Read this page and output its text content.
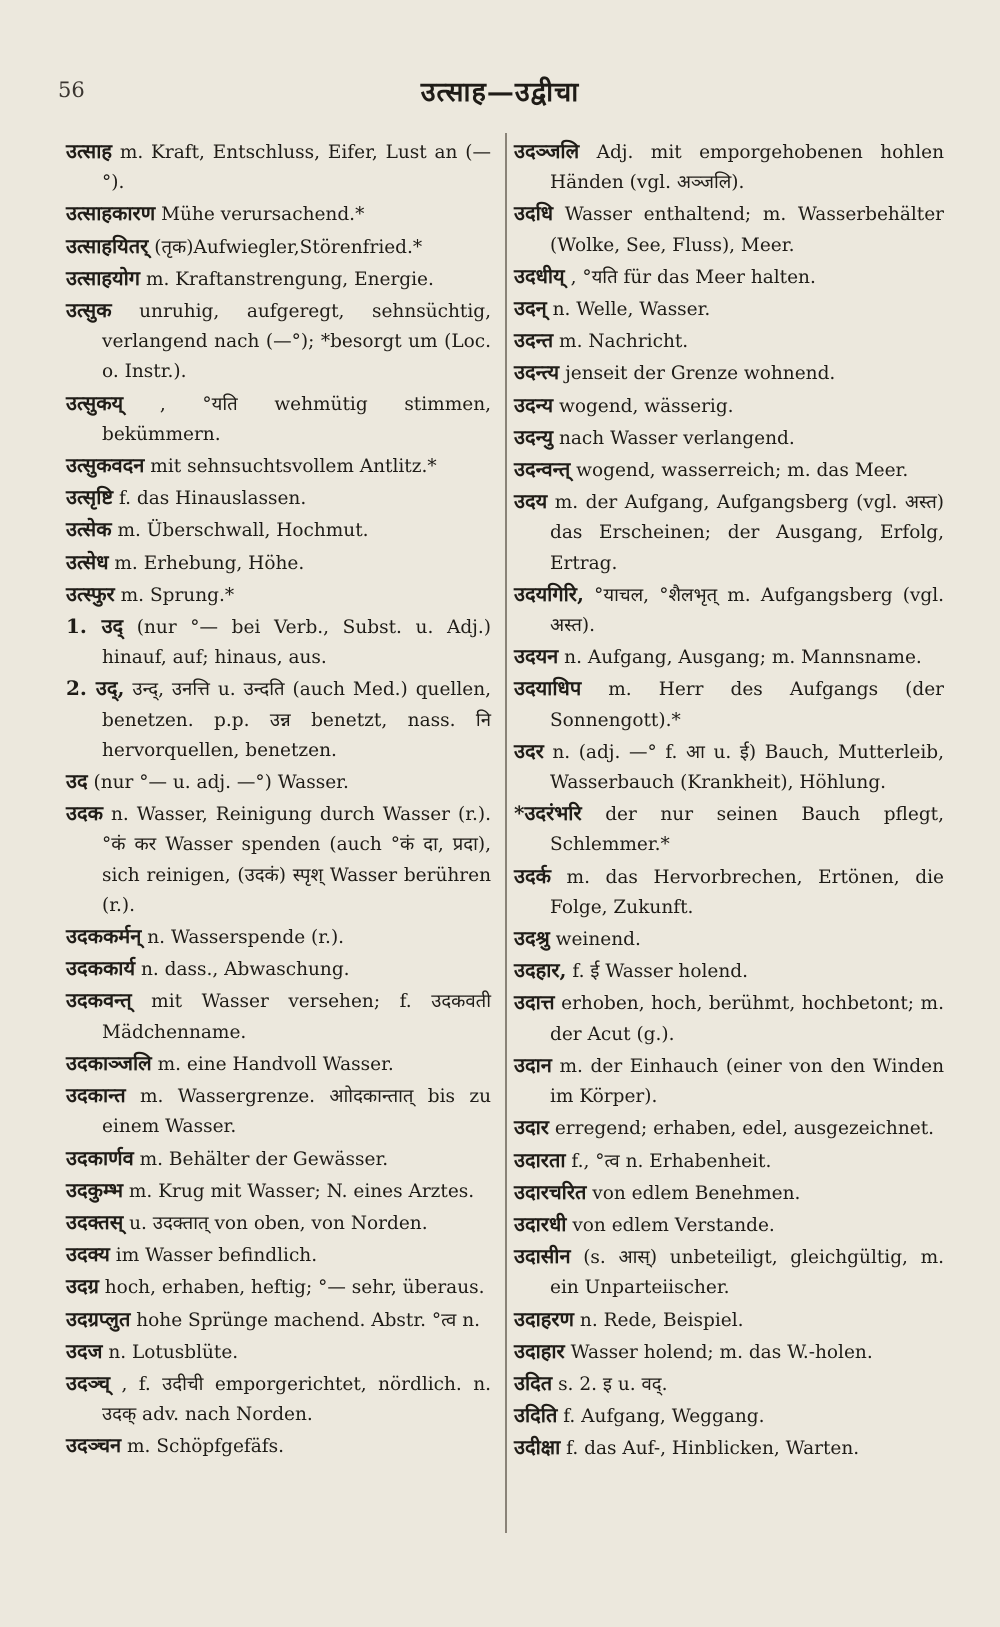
56	उत्साह—उद्वीचा

उत्साह m. Kraft, Entschluss, Eifer, Lust an (—°).

उत्साहकारण Mühe verursachend.*

उत्साहयितर् (तृक)Aufwiegler,Störenfried.*

उत्साहयोग m. Kraftanstrengung, Energie.

उत्सुक unruhig, aufgeregt, sehnsüchtig, verlangend nach (—°); *besorgt um (Loc. o. Instr.).

उत्सुकय् , °यति wehmütig stimmen, bekümmern.

उत्सुकवदन mit sehnsuchtsvollem Antlitz.*

उत्सृष्टि f. das Hinauslassen.

उत्सेक m. Überschwall, Hochmut.

उत्सेध m. Erhebung, Höhe.

उत्स्फुर m. Sprung.*

1. उद् (nur °— bei Verb., Subst. u. Adj.) hinauf, auf; hinaus, aus.

2. उद्, उन्द्, उनत्ति u. उन्दति (auch Med.) quellen, benetzen. p.p. उन्न benetzt, nass. नि hervorquellen, benetzen.

उद (nur °— u. adj. —°) Wasser.

उदक n. Wasser, Reinigung durch Wasser (r.). °कं कर Wasser spenden (auch °कं दा, प्रदा), sich reinigen, (उदकं) स्पृश् Wasser berühren (r.).

उदककर्मन् n. Wasserspende (r.).

उदककार्य n. dass., Abwaschung.

उदकवन्त् mit Wasser versehen; f. उदकवती Mädchenname.

उदकाञ्जलि m. eine Handvoll Wasser.

उदकान्त m. Wassergrenze. आोदकान्तात् bis zu einem Wasser.

उदकार्णव m. Behälter der Gewässer.

उदकुम्भ m. Krug mit Wasser; N. eines Arztes.

उदक्तस् u. उदक्तात् von oben, von Norden.

उदक्य im Wasser befindlich.

उदग्र hoch, erhaben, heftig; °— sehr, überaus.

उदग्रप्लुत hohe Sprünge machend. Abstr. °त्व n.

उदज n. Lotusblüte.

उदञ्च् , f. उदीची emporgerichtet, nördlich. n. उदक् adv. nach Norden.

उदञ्चन m. Schöpfgefäfs.

उदञ्जलि Adj. mit emporgehobenen hohlen Händen (vgl. अञ्जलि).

उदधि Wasser enthaltend; m. Wasserbehälter (Wolke, See, Fluss), Meer.

उदधीय् , °यति für das Meer halten.

उदन् n. Welle, Wasser.

उदन्त m. Nachricht.

उदन्त्य jenseit der Grenze wohnend.

उदन्य wogend, wässerig.

उदन्यु nach Wasser verlangend.

उदन्वन्त् wogend, wasserreich; m. das Meer.

उदय m. der Aufgang, Aufgangsberg (vgl. अस्त) das Erscheinen; der Ausgang, Erfolg, Ertrag.

उदयगिरि, °याचल, °शैलभृत् m. Aufgangsberg (vgl. अस्त).

उदयन n. Aufgang, Ausgang; m. Mannsname.

उदयाधिप m. Herr des Aufgangs (der Sonnengott).*

उदर n. (adj. —° f. आ u. ई) Bauch, Mutterleib, Wasserbauch (Krankheit), Höhlung.

*उदरंभरि der nur seinen Bauch pflegt, Schlemmer.*

उदर्क m. das Hervorbrechen, Ertönen, die Folge, Zukunft.

उदश्रु weinend.

उदहार, f. ई Wasser holend.

उदात्त erhoben, hoch, berühmt, hochbetont; m. der Acut (g.).

उदान m. der Einhauch (einer von den Winden im Körper).

उदार erregend; erhaben, edel, ausgezeichnet.

उदारता f., °त्व n. Erhabenheit.

उदारचरित von edlem Benehmen.

उदारधी von edlem Verstande.

उदासीन (s. आस्) unbeteiligt, gleichgültig, m. ein Unparteiischer.

उदाहरण n. Rede, Beispiel.

उदाहार Wasser holend; m. das W.-holen.

उदित s. 2. इ u. वद्.

उदिति f. Aufgang, Weggang.

उदीक्षा f. das Auf-, Hinblicken, Warten.
